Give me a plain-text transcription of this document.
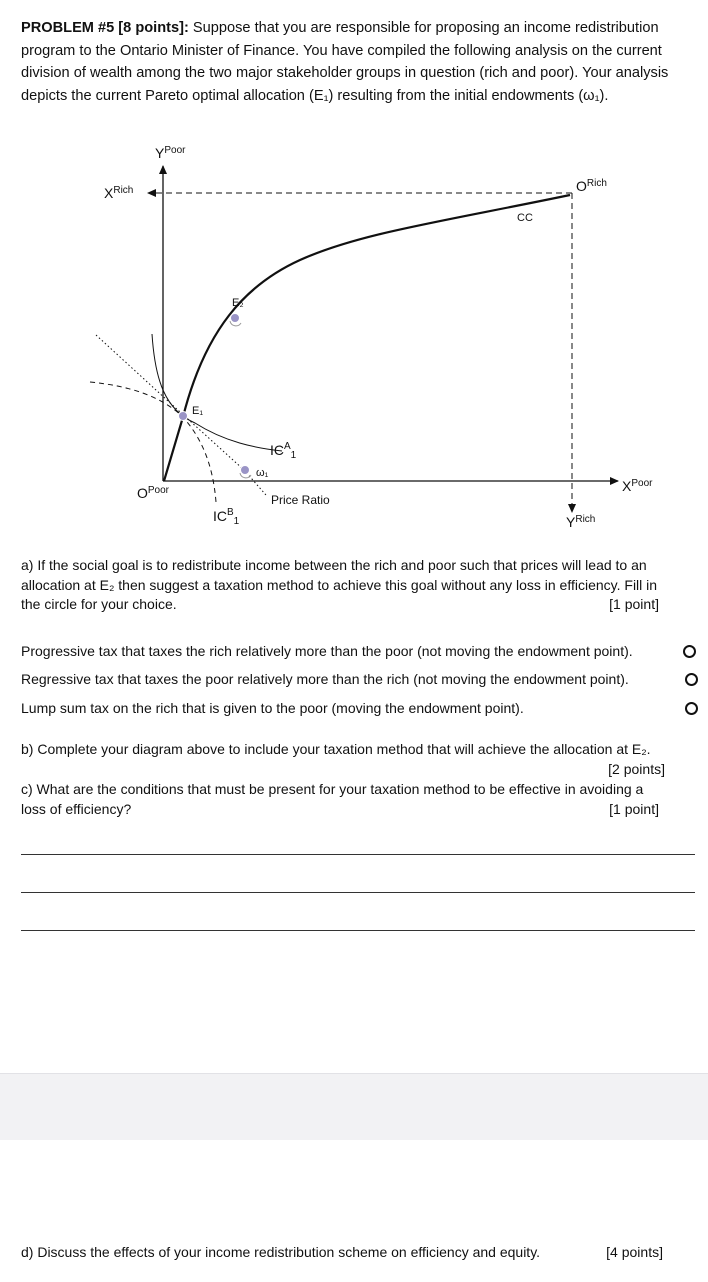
PROBLEM #5 [8 points]: Suppose that you are responsible for proposing an income redistribution
program to the Ontario Minister of Finance. You have compiled the following analysis on the current
division of wealth among the two major stakeholder groups in question (rich and poor). Your analysis
depicts the current Pareto optimal allocation (E₁) resulting from the initial endowments (ω₁).
$Y^{Poor}$
$X^{Rich}$	$O^{Rich}$
$O^{Poor}$	$X^{Poor}$
$Y^{Rich}$
CC
E₂
E₁
ω₁
$IC^A_1$
$IC^B_1$
Price Ratio
a) If the social goal is to redistribute income between the rich and poor such that prices will lead to an
allocation at E₂ then suggest a taxation method to achieve this goal without any loss in efficiency. Fill in
the circle for your choice.	[1 point]
Progressive tax that taxes the rich relatively more than the poor (not moving the endowment point).
Regressive tax that taxes the poor relatively more than the rich (not moving the endowment point).
Lump sum tax on the rich that is given to the poor (moving the endowment point).
b) Complete your diagram above to include your taxation method that will achieve the allocation at E₂.
[2 points]
c) What are the conditions that must be present for your taxation method to be effective in avoiding a
loss of efficiency?	[1 point]
d) Discuss the effects of your income redistribution scheme on efficiency and equity.	[4 points]
